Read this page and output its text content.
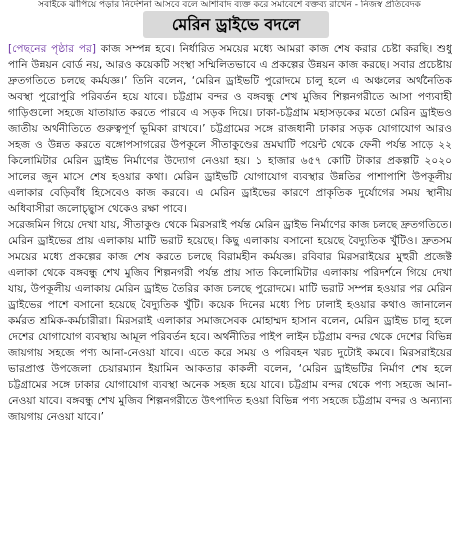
সবাইকে ঝাঁপিয়ে পড়ার নির্দেশনা আসবে বলে আশাবাদ ব্যক্ত করে সমাবেশে বক্তব্য রাখেন - নিজস্ব প্রতিবেদক
মেরিন ড্রাইভে বদলে

[পেছনের পৃষ্ঠার পর] কাজ সম্পন্ন হবে। নির্ধারিত সময়ের মধ্যে আমরা কাজ শেষ করার চেষ্টা করছি। শুধু পানি উন্নয়ন বোর্ড নয়, আরও কয়েকটি সংস্থা সম্মিলিতভাবে এ প্রকল্পের উন্নয়ন কাজ করছে। সবার প্রচেষ্টায় দ্রুতগতিতে চলছে কর্মযজ্ঞ।’ তিনি বলেন, ‘মেরিন ড্রাইভটি পুরোদমে চালু হলে এ অঞ্চলের অর্থনৈতিক অবস্থা পুরোপুরি পরিবর্তন হয়ে যাবে। চট্টগ্রাম বন্দর ও বঙ্গবন্ধু শেখ মুজিব শিল্পনগরীতে আসা পণ্যবাহী গাড়িগুলো সহজে যাতায়াত করতে পারবে এ সড়ক দিয়ে। ঢাকা-চট্টগ্রাম মহাসড়কের মতো মেরিন ড্রাইভও জাতীয় অর্থনীতিতে গুরুত্বপূর্ণ ভূমিকা রাখবে।’ চট্টগ্রামের সঙ্গে রাজধানী ঢাকার সড়ক যোগাযোগ আরও সহজ ও উন্নত করতে বঙ্গোপসাগরের উপকূলে সীতাকুণ্ডের ভ্রমঘাটি পয়েন্ট থেকে ফেনী পর্যন্ত সাড়ে ২২ কিলোমিটার মেরিন ড্রাইভ নির্মাণের উদ্যোগ নেওয়া হয়। ১ হাজার ৬৫৭ কোটি টাকার প্রকল্পটি ২০২০ সালের জুন মাসে শেষ হওয়ার কথা। মেরিন ড্রাইভটি যোগাযোগ ব্যবস্থার উন্নতির পাশাপাশি উপকূলীয় এলাকার বেড়িবাঁধ হিসেবেও কাজ করবে। এ মেরিন ড্রাইভের কারণে প্রাকৃতিক দুর্যোগের সময় স্থানীয় অধিবাসীরা জলোচ্ছ্বাস থেকেও রক্ষা পাবে।

সরেজমিন গিয়ে দেখা যায়, সীতাকুণ্ড থেকে মিরসরাই পর্যন্ত মেরিন ড্রাইভ নির্মাণের কাজ চলছে দ্রুতগতিতে। মেরিন ড্রাইভের প্রায় এলাকায় মাটি ভরাট হয়েছে। কিছু এলাকায় বসানো হয়েছে বৈদ্যুতিক খুঁটিও। দ্রুতসম সময়ের মধ্যে প্রকল্পের কাজ শেষ করতে চলছে বিরামহীন কর্মযজ্ঞ। রবিবার মিরসরাইয়ের মুহুরী প্রজেক্ট এলাকা থেকে বঙ্গবন্ধু শেখ মুজিব শিল্পনগরী পর্যন্ত প্রায় সাত কিলোমিটার এলাকায় পরিদর্শনে গিয়ে দেখা যায়, উপকূলীয় এলাকায় মেরিন ড্রাইভ তৈরির কাজ চলছে পুরোদমে। মাটি ভরাট সম্পন্ন হওয়ার পর মেরিন ড্রাইভের পাশে বসানো হয়েছে বৈদ্যুতিক খুঁটি। কয়েক দিনের মধ্যে পিচ ঢালাই হওয়ার কথাও জানালেন কর্মরত শ্রমিক-কর্মচারীরা। মিরসরাই এলাকার সমাজসেবক মোহাম্মদ হাসান বলেন, মেরিন ড্রাইভ চালু হলে দেশের যোগাযোগ ব্যবস্থায় আমূল পরিবর্তন হবে। অর্থনীতির পাইপ লাইন চট্টগ্রাম বন্দর থেকে দেশের বিভিন্ন জায়গায় সহজে পণ্য আনা-নেওয়া যাবে। এতে করে সময় ও পরিবহন খরচ দুটোই কমবে। মিরসরাইয়ের ভারপ্রাপ্ত উপজেলা চেয়ারম্যান ইয়ামিন আকতার কাকলী বলেন, ‘মেরিন ড্রাইভটির নির্মাণ শেষ হলে চট্টগ্রামের সঙ্গে ঢাকার যোগাযোগ ব্যবস্থা অনেক সহজ হয়ে যাবে। চট্টগ্রাম বন্দর থেকে পণ্য সহজে আনা-নেওয়া যাবে। বঙ্গবন্ধু শেখ মুজিব শিল্পনগরীতে উৎপাদিত হওয়া বিভিন্ন পণ্য সহজে চট্টগ্রাম বন্দর ও অন্যান্য জায়গায় নেওয়া যাবে।’
